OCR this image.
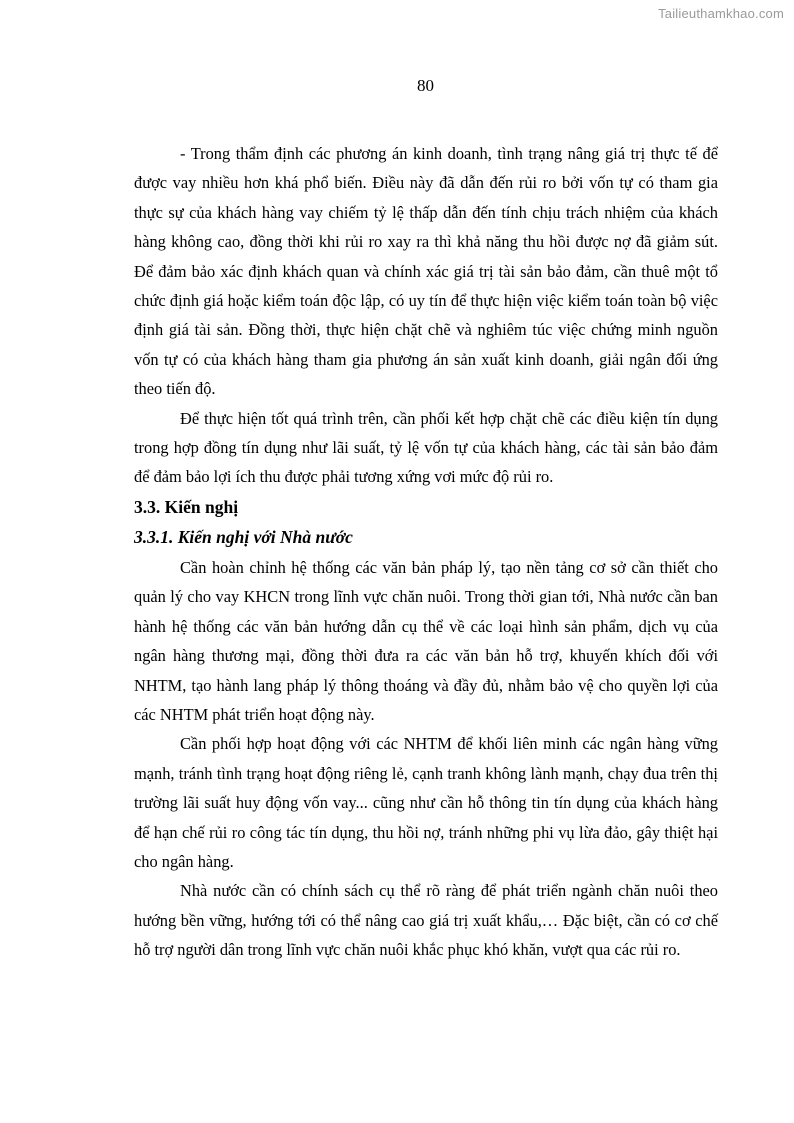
Tailieuthamkhao.com
80

- Trong thẩm định các phương án kinh doanh, tình trạng nâng giá trị thực tế để được vay nhiều hơn khá phổ biến. Điều này đã dẫn đến rủi ro bởi vốn tự có tham gia thực sự của khách hàng vay chiếm tỷ lệ thấp dẫn đến tính chịu trách nhiệm của khách hàng không cao, đồng thời khi rủi ro xay ra thì khả năng thu hồi được nợ đã giảm sút. Để đảm bảo xác định khách quan và chính xác giá trị tài sản bảo đảm, cần thuê một tổ chức định giá hoặc kiểm toán độc lập, có uy tín để thực hiện việc kiểm toán toàn bộ việc định giá tài sản. Đồng thời, thực hiện chặt chẽ và nghiêm túc việc chứng minh nguồn vốn tự có của khách hàng tham gia phương án sản xuất kinh doanh, giải ngân đối ứng theo tiến độ.

Để thực hiện tốt quá trình trên, cần phối kết hợp chặt chẽ các điều kiện tín dụng trong hợp đồng tín dụng như lãi suất, tỷ lệ vốn tự của khách hàng, các tài sản bảo đảm để đảm bảo lợi ích thu được phải tương xứng vơi mức độ rủi ro.

3.3. Kiến nghị
3.3.1. Kiến nghị với Nhà nước

Cần hoàn chỉnh hệ thống các văn bản pháp lý, tạo nền tảng cơ sở cần thiết cho quản lý cho vay KHCN trong lĩnh vực chăn nuôi. Trong thời gian tới, Nhà nước cần ban hành hệ thống các văn bản hướng dẫn cụ thể về các loại hình sản phẩm, dịch vụ của ngân hàng thương mại, đồng thời đưa ra các văn bản hỗ trợ, khuyến khích đối với NHTM, tạo hành lang pháp lý thông thoáng và đầy đủ, nhằm bảo vệ cho quyền lợi của các NHTM phát triển hoạt động này.

Cần phối hợp hoạt động với các NHTM để khối liên minh các ngân hàng vững mạnh, tránh tình trạng hoạt động riêng lẻ, cạnh tranh không lành mạnh, chạy đua trên thị trường lãi suất huy động vốn vay... cũng như cần hỗ thông tin tín dụng của khách hàng để hạn chế rủi ro công tác tín dụng, thu hồi nợ, tránh những phi vụ lừa đảo, gây thiệt hại cho ngân hàng.

Nhà nước cần có chính sách cụ thể rõ ràng để phát triển ngành chăn nuôi theo hướng bền vững, hướng tới có thể nâng cao giá trị xuất khẩu,… Đặc biệt, cần có cơ chế hỗ trợ người dân trong lĩnh vực chăn nuôi khắc phục khó khăn, vượt qua các rủi ro.
